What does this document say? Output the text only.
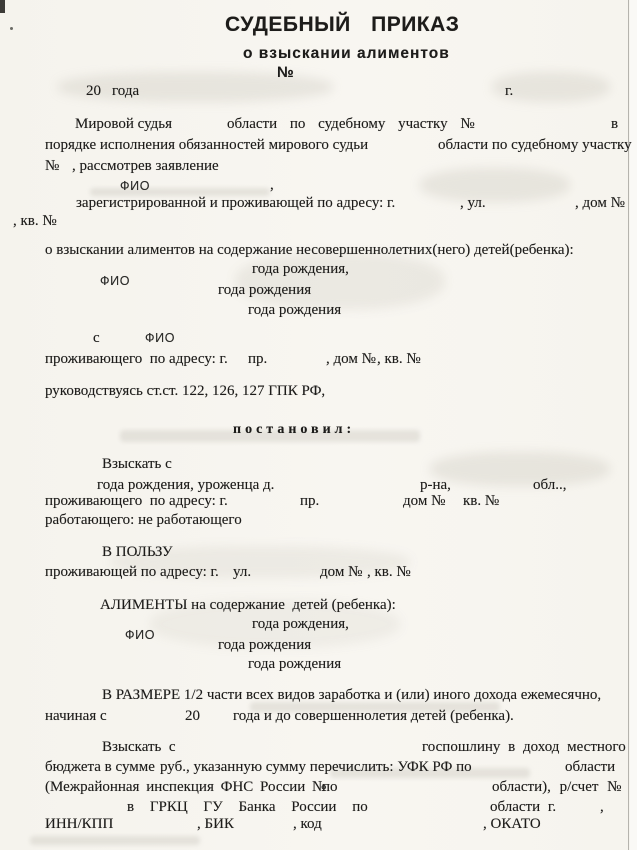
СУДЕБНЫЙ ПРИКАЗ
о взыскании алиментов
№
20 года	г.
Мировой судья	области по судебному участку №	в
порядке исполнения обязанностей мирового судьи	области по судебному участку
№ , рассмотрев заявление
ФИО	,
зарегистрированной и проживающей по адресу: г.	, ул.	, дом №
, кв. №
о взыскании алиментов на содержание несовершеннолетних(него) детей(ребенка):
года рождения,
ФИО
года рождения
года рождения
с	ФИО
проживающего  по адресу: г. пр.	, дом № , кв. №
руководствуясь ст.ст. 122, 126, 127 ГПК РФ,
постановил:
Взыскать с
года рождения, уроженца д.	р-на,	обл..,
проживающего  по адресу: г.	пр.	дом № кв. №
работающего: не работающего
В ПОЛЬЗУ
проживающей по адресу: г. ул.	дом № , кв. №
АЛИМЕНТЫ на содержание  детей (ребенка):
года рождения,
ФИО
года рождения
года рождения
В РАЗМЕРЕ 1/2 части всех видов заработка и (или) иного дохода ежемесячно,
начиная с	20 года и до совершеннолетия детей (ребенка).
Взыскать  с	госпошлину в доход местного
бюджета в сумме руб., указанную сумму перечислить: УФК РФ по	области
(Межрайонная инспекция ФНС России №
по	области), р/счет №
в ГРКЦ ГУ Банка России по	области г.	,
ИНН/КПП	, БИК	, код	, ОКАТО
